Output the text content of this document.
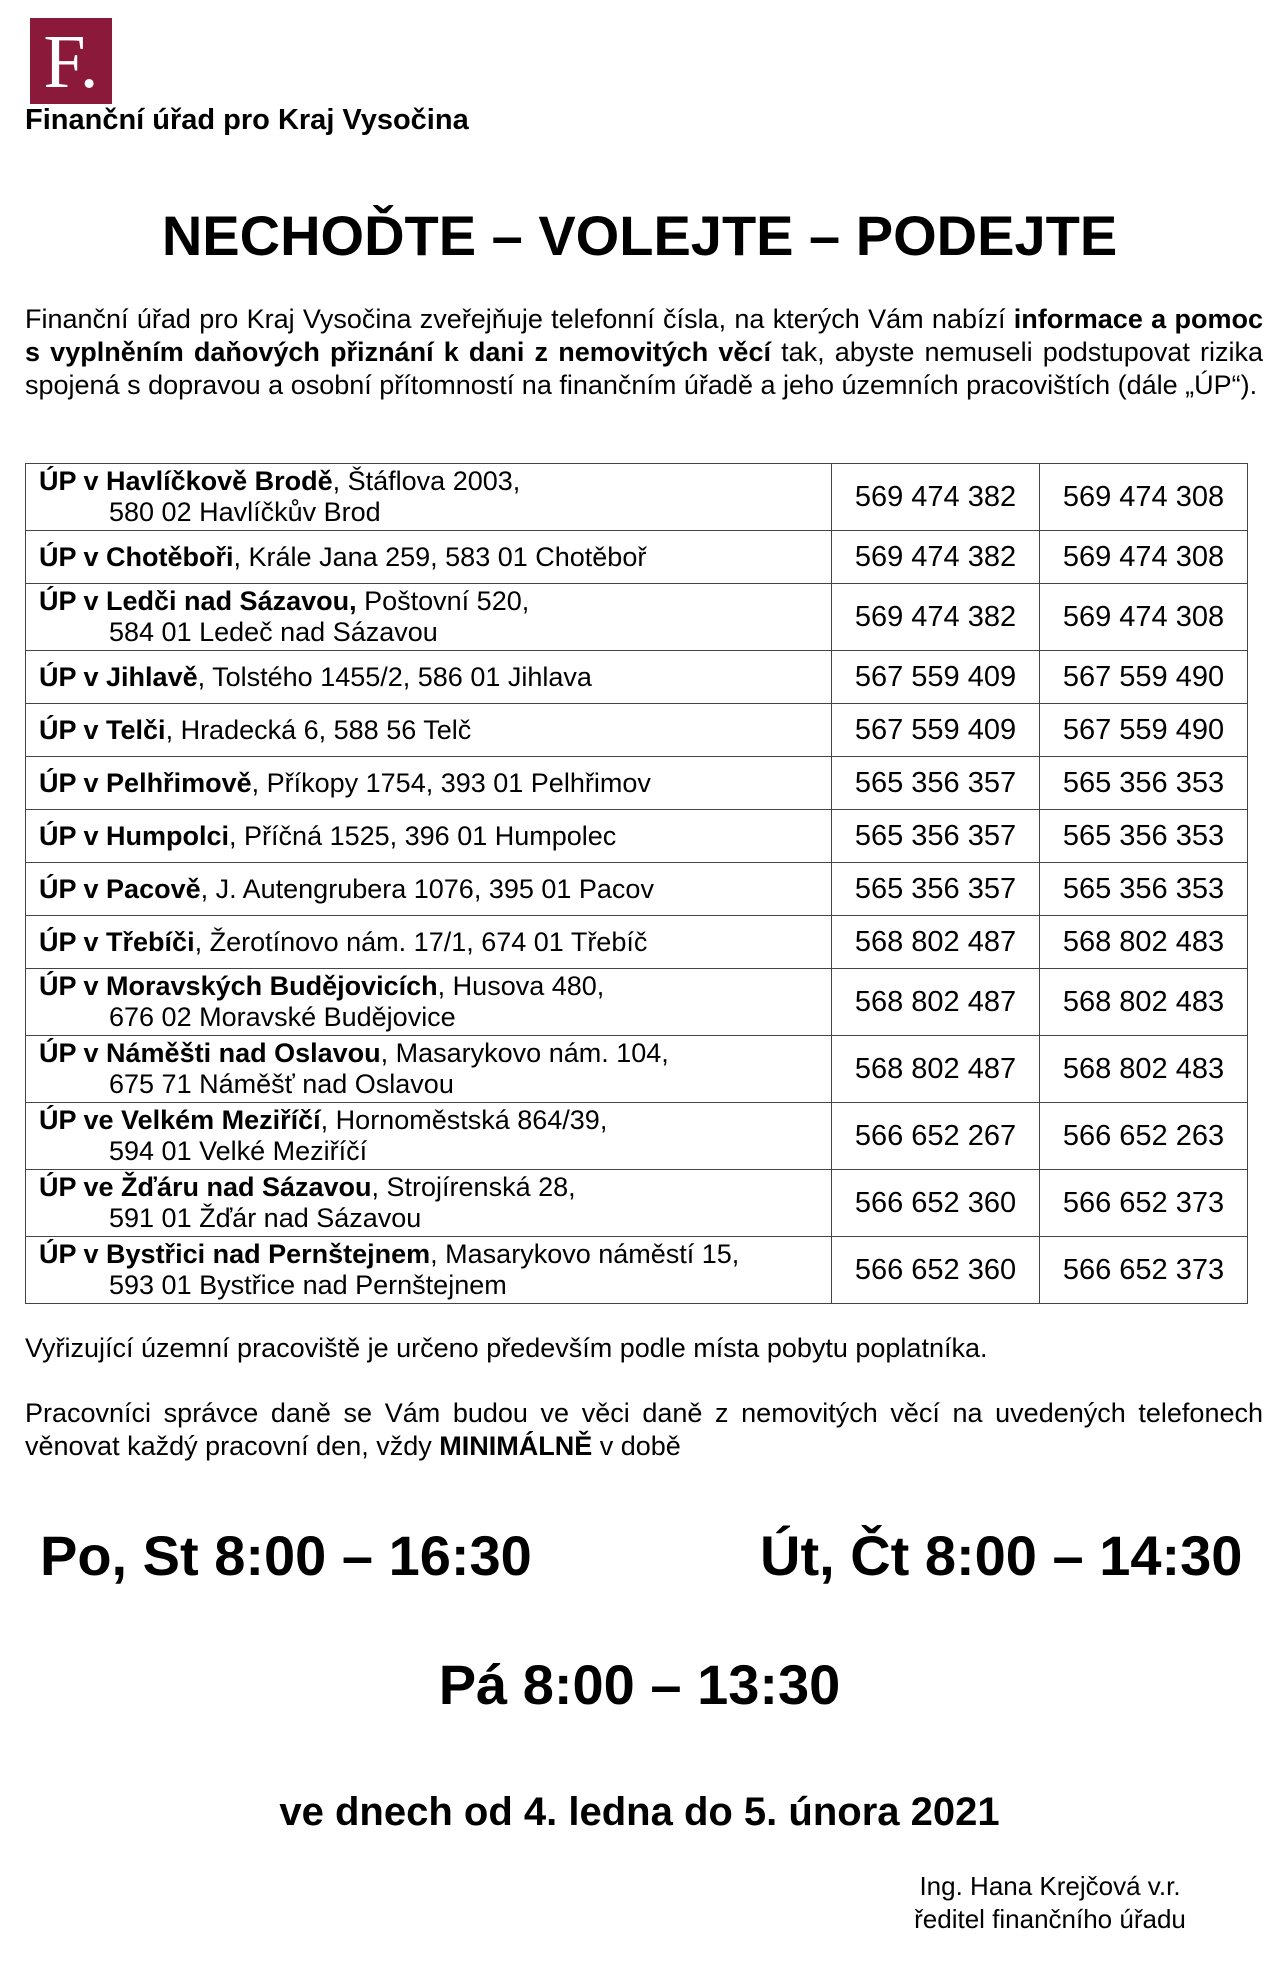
F.
Finanční úřad pro Kraj Vysočina
NECHOĎTE – VOLEJTE – PODEJTE

Finanční úřad pro Kraj Vysočina zveřejňuje telefonní čísla, na kterých Vám nabízí informace a pomoc s vyplněním daňových přiznání k dani z nemovitých věcí tak, abyste nemuseli podstupovat rizika spojená s dopravou a osobní přítomností na finančním úřadě a jeho územních pracovištích (dále „ÚP“).

ÚP v Havlíčkově Brodě, Štáflova 2003,
580 02 Havlíčkův Brod	569 474 382	569 474 308
ÚP v Chotěboři, Krále Jana 259, 583 01 Chotěboř	569 474 382	569 474 308
ÚP v Ledči nad Sázavou, Poštovní 520,
584 01 Ledeč nad Sázavou	569 474 382	569 474 308
ÚP v Jihlavě, Tolstého 1455/2, 586 01 Jihlava	567 559 409	567 559 490
ÚP v Telči, Hradecká 6, 588 56 Telč	567 559 409	567 559 490
ÚP v Pelhřimově, Příkopy 1754, 393 01 Pelhřimov	565 356 357	565 356 353
ÚP v Humpolci, Příčná 1525, 396 01 Humpolec	565 356 357	565 356 353
ÚP v Pacově, J. Autengrubera 1076, 395 01 Pacov	565 356 357	565 356 353
ÚP v Třebíči, Žerotínovo nám. 17/1, 674 01 Třebíč	568 802 487	568 802 483
ÚP v Moravských Budějovicích, Husova 480,
676 02 Moravské Budějovice	568 802 487	568 802 483
ÚP v Náměšti nad Oslavou, Masarykovo nám. 104,
675 71 Náměšť nad Oslavou	568 802 487	568 802 483
ÚP ve Velkém Meziříčí, Hornoměstská 864/39,
594 01 Velké Meziříčí	566 652 267	566 652 263
ÚP ve Žďáru nad Sázavou, Strojírenská 28,
591 01 Žďár nad Sázavou	566 652 360	566 652 373
ÚP v Bystřici nad Pernštejnem, Masarykovo náměstí 15,
593 01 Bystřice nad Pernštejnem	566 652 360	566 652 373
Vyřizující územní pracoviště je určeno především podle místa pobytu poplatníka.

Pracovníci správce daně se Vám budou ve věci daně z nemovitých věcí na uvedených telefonech věnovat každý pracovní den, vždy MINIMÁLNĚ v době

Po, St 8:00 – 16:30	Út, Čt 8:00 – 14:30
Pá 8:00 – 13:30
ve dnech od 4. ledna do 5. února 2021
Ing. Hana Krejčová v.r.
ředitel finančního úřadu
